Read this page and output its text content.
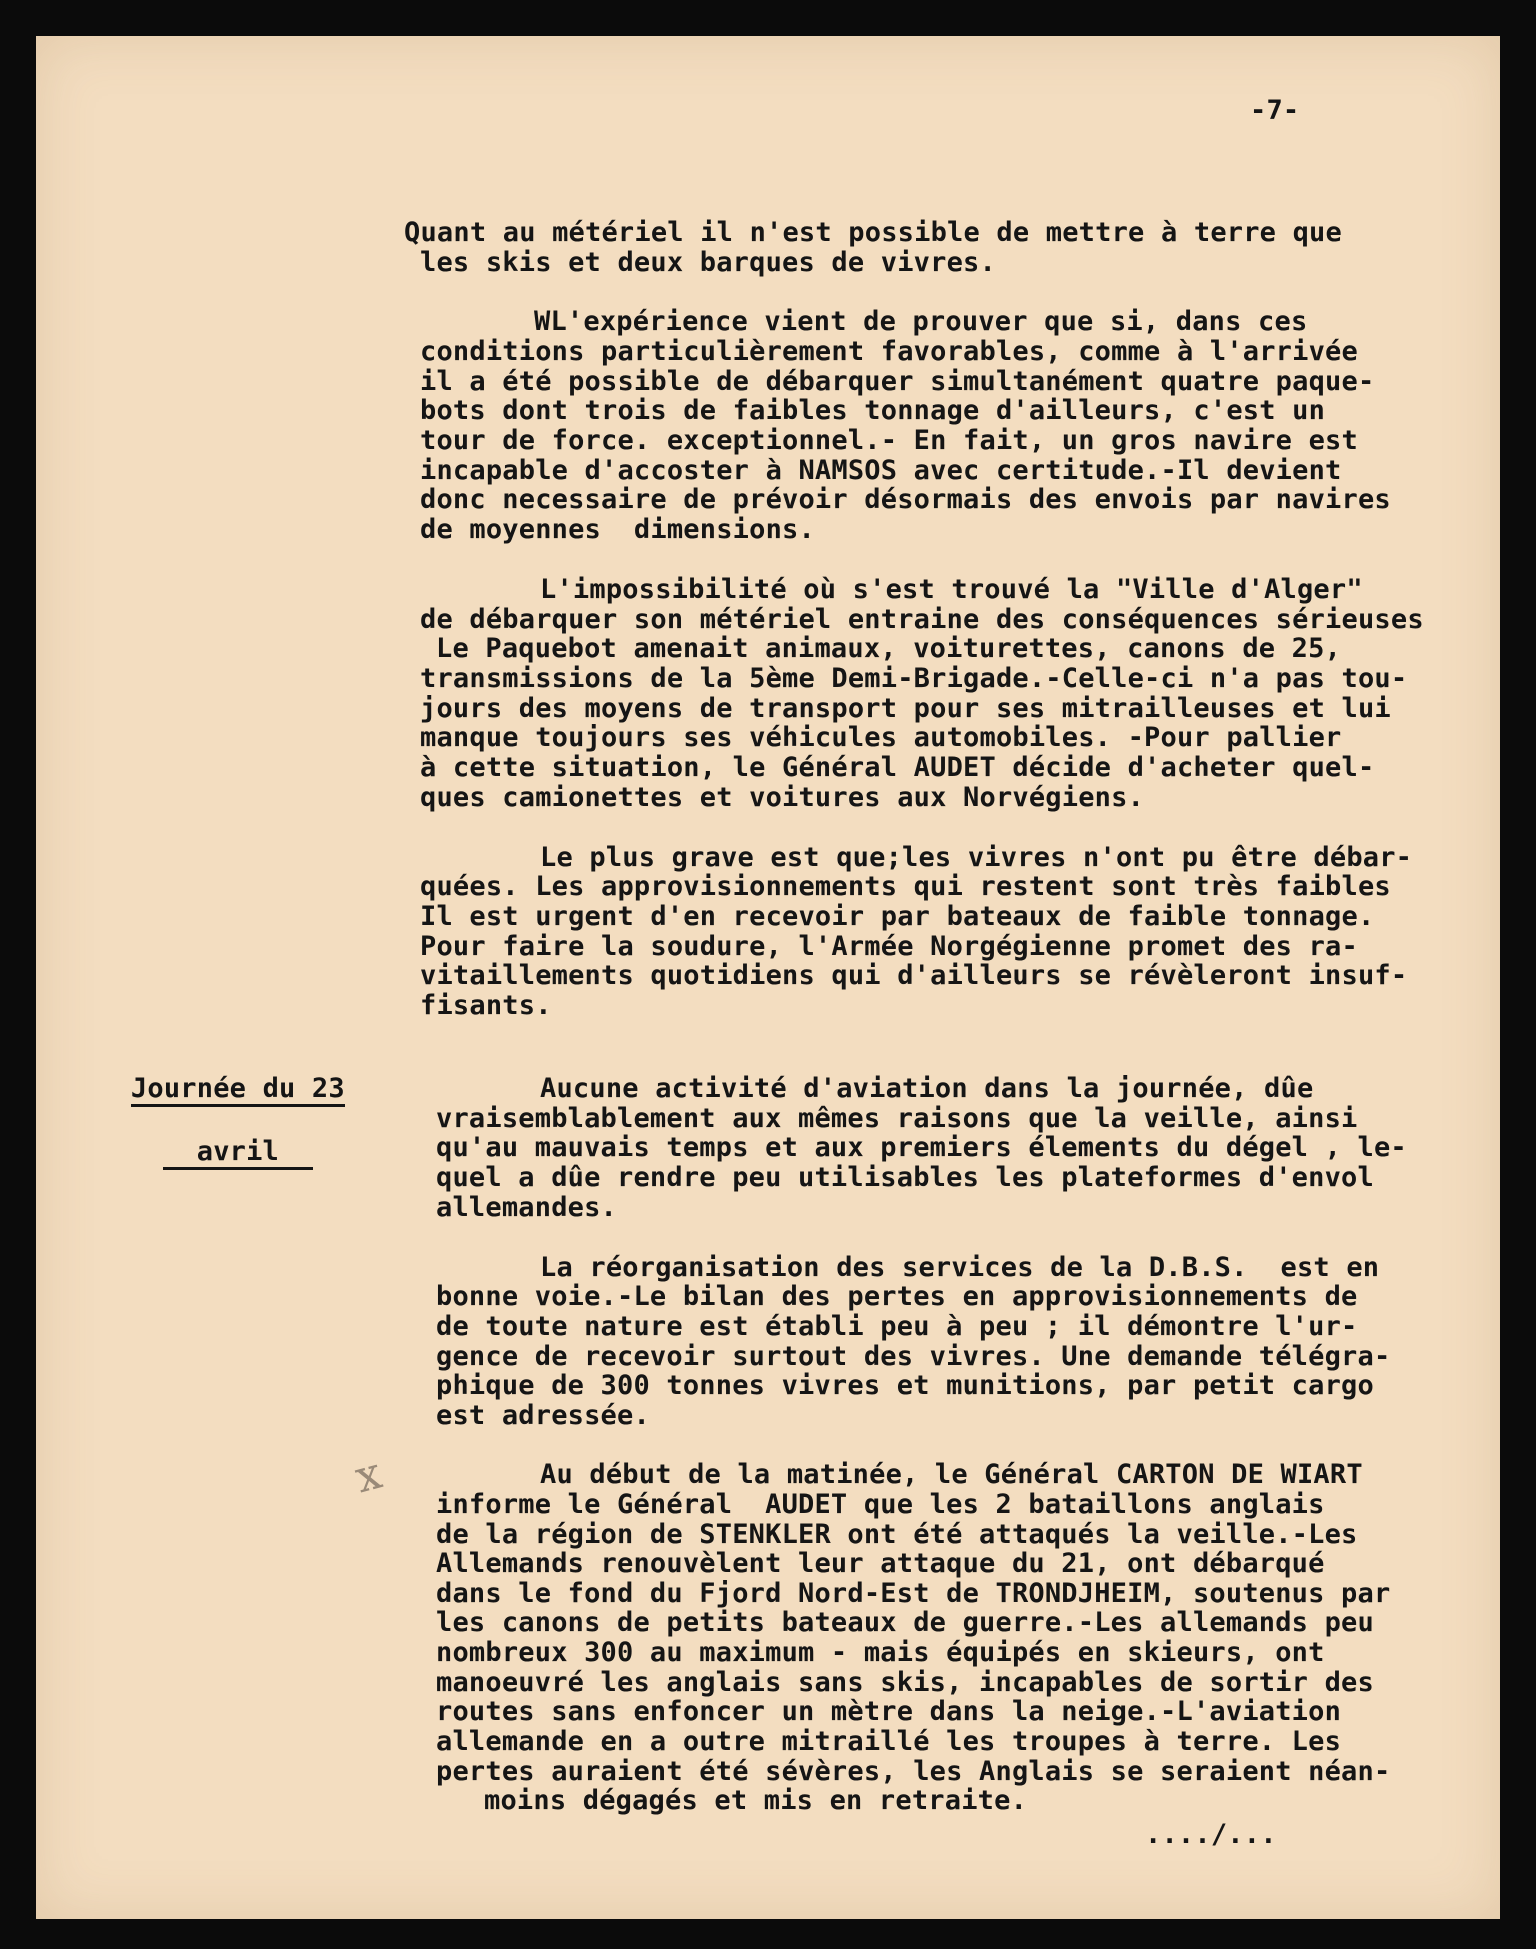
-7-

Journée du 23

avril

Quant au métériel il n'est possible de mettre à terre que
les skis et deux barques de vivres.
WL'expérience vient de prouver que si, dans ces
conditions particulièrement favorables, comme à l'arrivée
il a été possible de débarquer simultanément quatre paque-
bots dont trois de faibles tonnage d'ailleurs, c'est un
tour de force. exceptionnel.- En fait, un gros navire est
incapable d'accoster à NAMSOS avec certitude.-Il devient
donc necessaire de prévoir désormais des envois par navires
de moyennes  dimensions.
L'impossibilité où s'est trouvé la "Ville d'Alger"
de débarquer son métériel entraine des conséquences sérieuses
Le Paquebot amenait animaux, voiturettes, canons de 25,
transmissions de la 5ème Demi-Brigade.-Celle-ci n'a pas tou-
jours des moyens de transport pour ses mitrailleuses et lui
manque toujours ses véhicules automobiles. -Pour pallier
à cette situation, le Général AUDET décide d'acheter quel-
ques camionettes et voitures aux Norvégiens.
Le plus grave est que;les vivres n'ont pu être débar-
quées. Les approvisionnements qui restent sont très faibles
Il est urgent d'en recevoir par bateaux de faible tonnage.
Pour faire la soudure, l'Armée Norgégienne promet des ra-
vitaillements quotidiens qui d'ailleurs se révèleront insuf-
fisants.
Aucune activité d'aviation dans la journée, dûe
vraisemblablement aux mêmes raisons que la veille, ainsi
qu'au mauvais temps et aux premiers élements du dégel , le-
quel a dûe rendre peu utilisables les plateformes d'envol
allemandes.
La réorganisation des services de la D.B.S.  est en
bonne voie.-Le bilan des pertes en approvisionnements de
de toute nature est établi peu à peu ; il démontre l'ur-
gence de recevoir surtout des vivres. Une demande télégra-
phique de 300 tonnes vivres et munitions, par petit cargo
est adressée.
Au début de la matinée, le Général CARTON DE WIART
informe le Général  AUDET que les 2 bataillons anglais
de la région de STENKLER ont été attaqués la veille.-Les
Allemands renouvèlent leur attaque du 21, ont débarqué
dans le fond du Fjord Nord-Est de TRONDJHEIM, soutenus par
les canons de petits bateaux de guerre.-Les allemands peu
nombreux 300 au maximum - mais équipés en skieurs, ont
manoeuvré les anglais sans skis, incapables de sortir des
routes sans enfoncer un mètre dans la neige.-L'aviation
allemande en a outre mitraillé les troupes à terre. Les
pertes auraient été sévères, les Anglais se seraient néan-
moins dégagés et mis en retraite.
x
..../...
